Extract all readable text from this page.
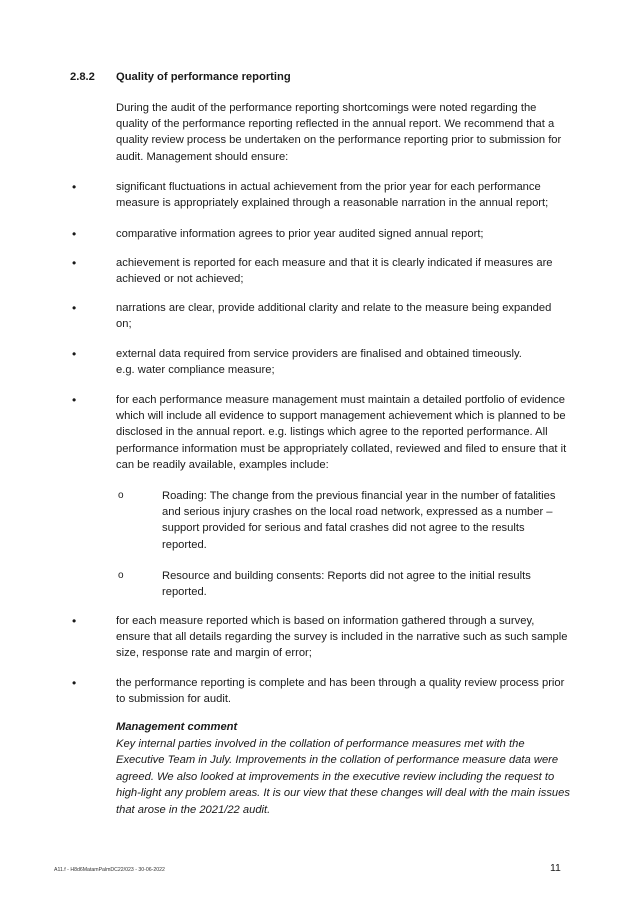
2.8.2 Quality of performance reporting
During the audit of the performance reporting shortcomings were noted regarding the quality of the performance reporting reflected in the annual report. We recommend that a quality review process be undertaken on the performance reporting prior to submission for audit. Management should ensure:
•	significant fluctuations in actual achievement from the prior year for each performance measure is appropriately explained through a reasonable narration in the annual report;
•	comparative information agrees to prior year audited signed annual report;
•	achievement is reported for each measure and that it is clearly indicated if measures are achieved or not achieved;
•	narrations are clear, provide additional clarity and relate to the measure being expanded on;
•	external data required from service providers are finalised and obtained timeously.
e.g. water compliance measure;
•	for each performance measure management must maintain a detailed portfolio of evidence which will include all evidence to support management achievement which is planned to be disclosed in the annual report. e.g. listings which agree to the reported performance. All performance information must be appropriately collated, reviewed and filed to ensure that it can be readily available, examples include:
o	Roading: The change from the previous financial year in the number of fatalities and serious injury crashes on the local road network, expressed as a number – support provided for serious and fatal crashes did not agree to the results reported.
o	Resource and building consents: Reports did not agree to the initial results reported.
•	for each measure reported which is based on information gathered through a survey, ensure that all details regarding the survey is included in the narrative such as such sample size, response rate and margin of error;
•	the performance reporting is complete and has been through a quality review process prior to submission for audit.
Management comment
Key internal parties involved in the collation of performance measures met with the Executive Team in July. Improvements in the collation of performance measure data were agreed. We also looked at improvements in the executive review including the request to high-light any problem areas. It is our view that these changes will deal with the main issues that arose in the 2021/22 audit.
A11.f - H8d6MatamPalmDC22/023 - 30-06-2022	11
